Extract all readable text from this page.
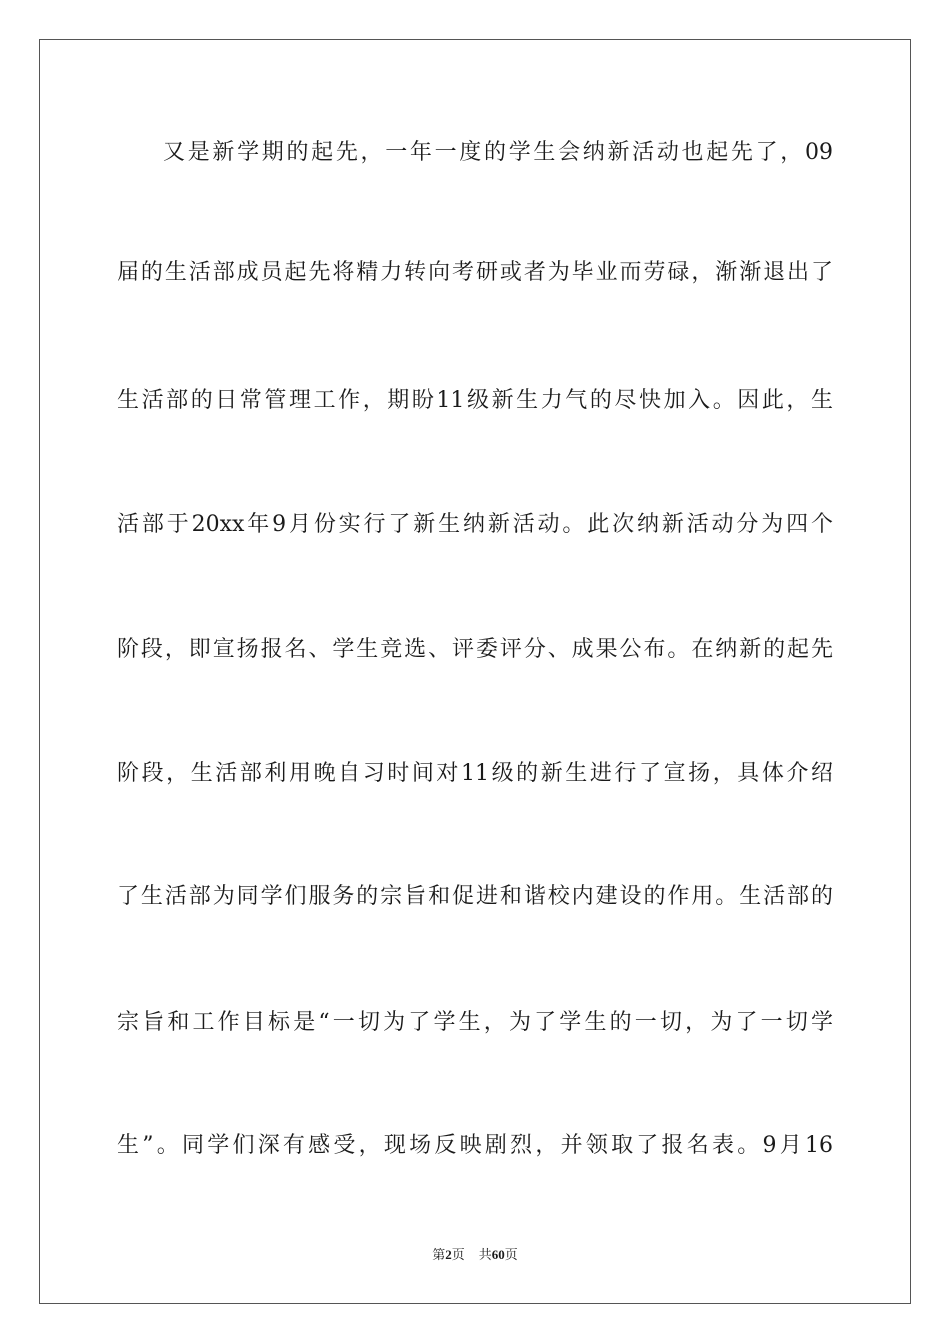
又是新学期的起先，一年一度的学生会纳新活动也起先了，09
届的生活部成员起先将精力转向考研或者为毕业而劳碌，渐渐退出了
生活部的日常管理工作，期盼11级新生力气的尽快加入。因此，生
活部于20xx年9月份实行了新生纳新活动。此次纳新活动分为四个
阶段，即宣扬报名、学生竞选、评委评分、成果公布。在纳新的起先
阶段，生活部利用晚自习时间对11级的新生进行了宣扬，具体介绍
了生活部为同学们服务的宗旨和促进和谐校内建设的作用。生活部的
宗旨和工作目标是“一切为了学生，为了学生的一切，为了一切学
生”。同学们深有感受，现场反映剧烈，并领取了报名表。9月16
第2页 共60页
